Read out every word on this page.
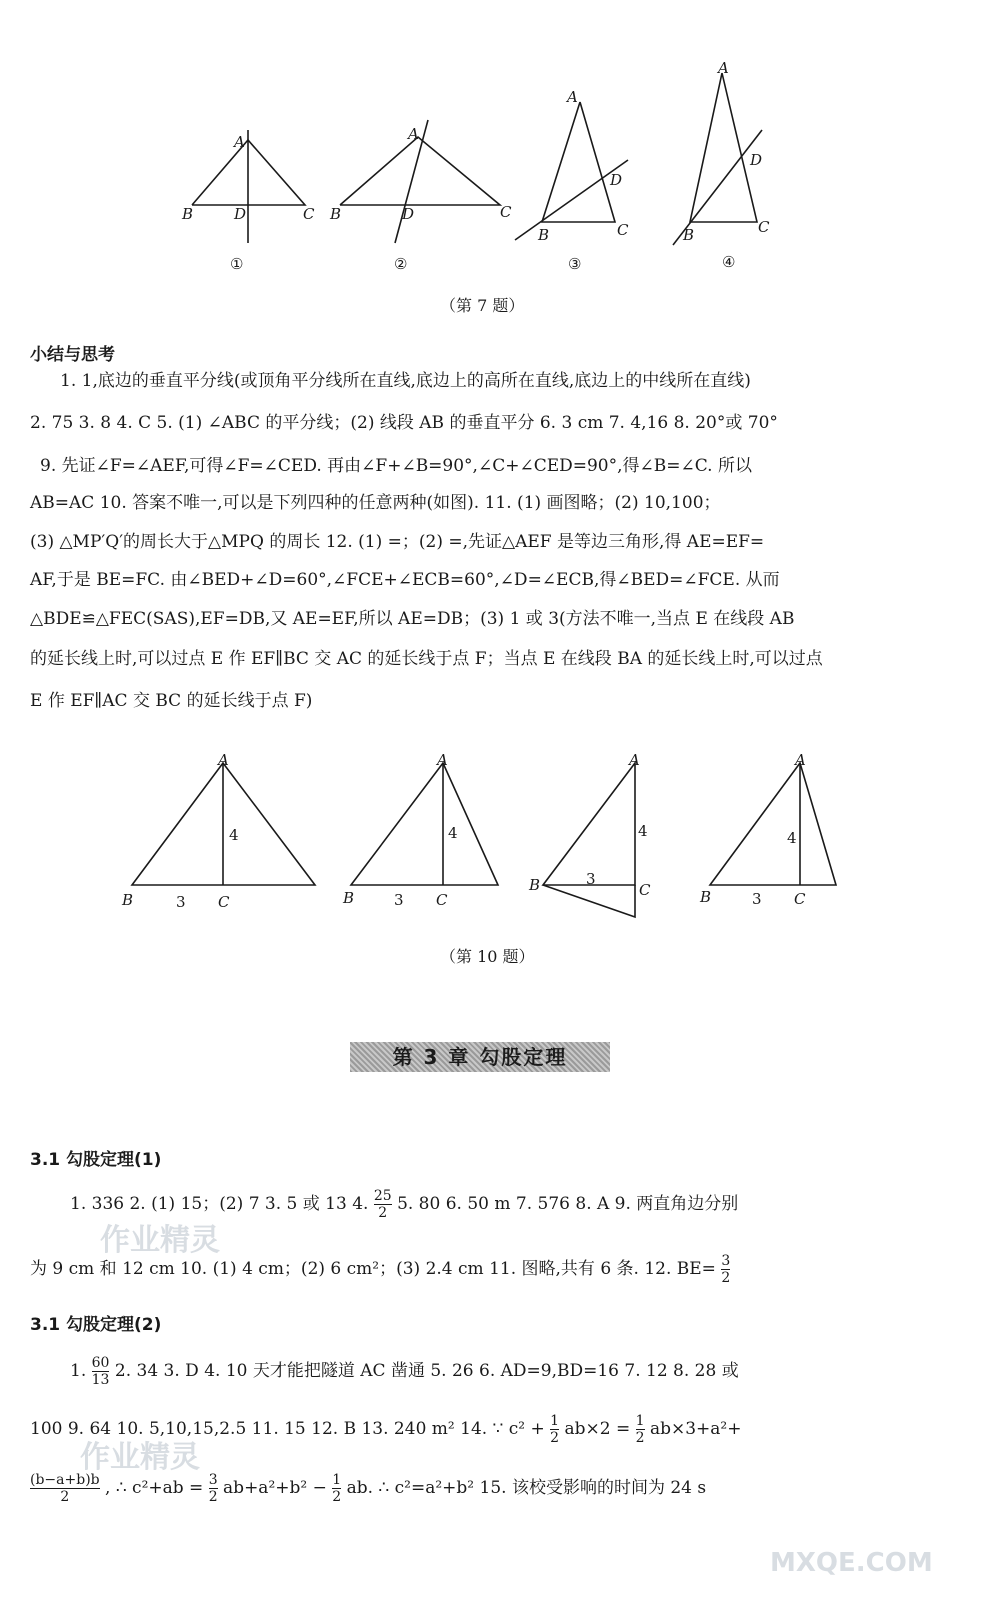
A
B	D	C
A
B	D	C
A
D
B	C
A
D
B	C
①	②	③	④
（第 7 题）
小结与思考
1. 1,底边的垂直平分线(或顶角平分线所在直线,底边上的高所在直线,底边上的中线所在直线)
2. 75 3. 8 4. C 5. (1) ∠ABC 的平分线；(2) 线段 AB 的垂直平分 6. 3 cm 7. 4,16 8. 20°或 70°
9. 先证∠F=∠AEF,可得∠F=∠CED. 再由∠F+∠B=90°,∠C+∠CED=90°,得∠B=∠C. 所以
AB=AC 10. 答案不唯一,可以是下列四种的任意两种(如图). 11. (1) 画图略；(2) 10,100；
(3) △MP′Q′的周长大于△MPQ 的周长 12. (1) =；(2) =,先证△AEF 是等边三角形,得 AE=EF=
AF,于是 BE=FC. 由∠BED+∠D=60°,∠FCE+∠ECB=60°,∠D=∠ECB,得∠BED=∠FCE. 从而
△BDE≌△FEC(SAS),EF=DB,又 AE=EF,所以 AE=DB；(3) 1 或 3(方法不唯一,当点 E 在线段 AB
的延长线上时,可以过点 E 作 EF∥BC 交 AC 的延长线于点 F；当点 E 在线段 BA 的延长线上时,可以过点
E 作 EF∥AC 交 BC 的延长线于点 F)
A
4
B	3 C
A
4
B	3 C
A
4
B	3
C
A
4
B	3 C
（第 10 题）
第 3 章 勾股定理
3.1 勾股定理(1)
1. 336 2. (1) 15；(2) 7 3. 5 或 13 4. $\frac{25}{2} 5$. 80 6. 50 m 7. 576 8. A 9. 两直角边分别
为 9 cm 和 12 cm 10. (1) 4 cm；(2) 6 cm²；(3) 2.4 cm 11. 图略,共有 6 条. 12. $BE= \frac{3}{2}$
3.1 勾股定理(2)
1. $\frac{60}{13} 2$. 34 3. D 4. 10 天才能把隧道 AC 凿通 5. 26 6. AD=9,BD=16 7. 12 8. 28 或
100 9. 64 10. 5,10,15,2.5 11. 15 12. B 13. 240 m² 14. ∵ $c^2 + \frac{1}{2} ab\times 2 = \frac{1}{2} ab\times 3+a^2+$
$\frac{(b-a+b)b}{2}$ , ∴ $c^2+ab = \frac{3}{2} ab+a^2+b^2 - \frac{1}{2}$ ab. ∴ c²=a²+b² 15. 该校受影响的时间为 24 s
作业精灵
作业精灵
MXQE.COM
